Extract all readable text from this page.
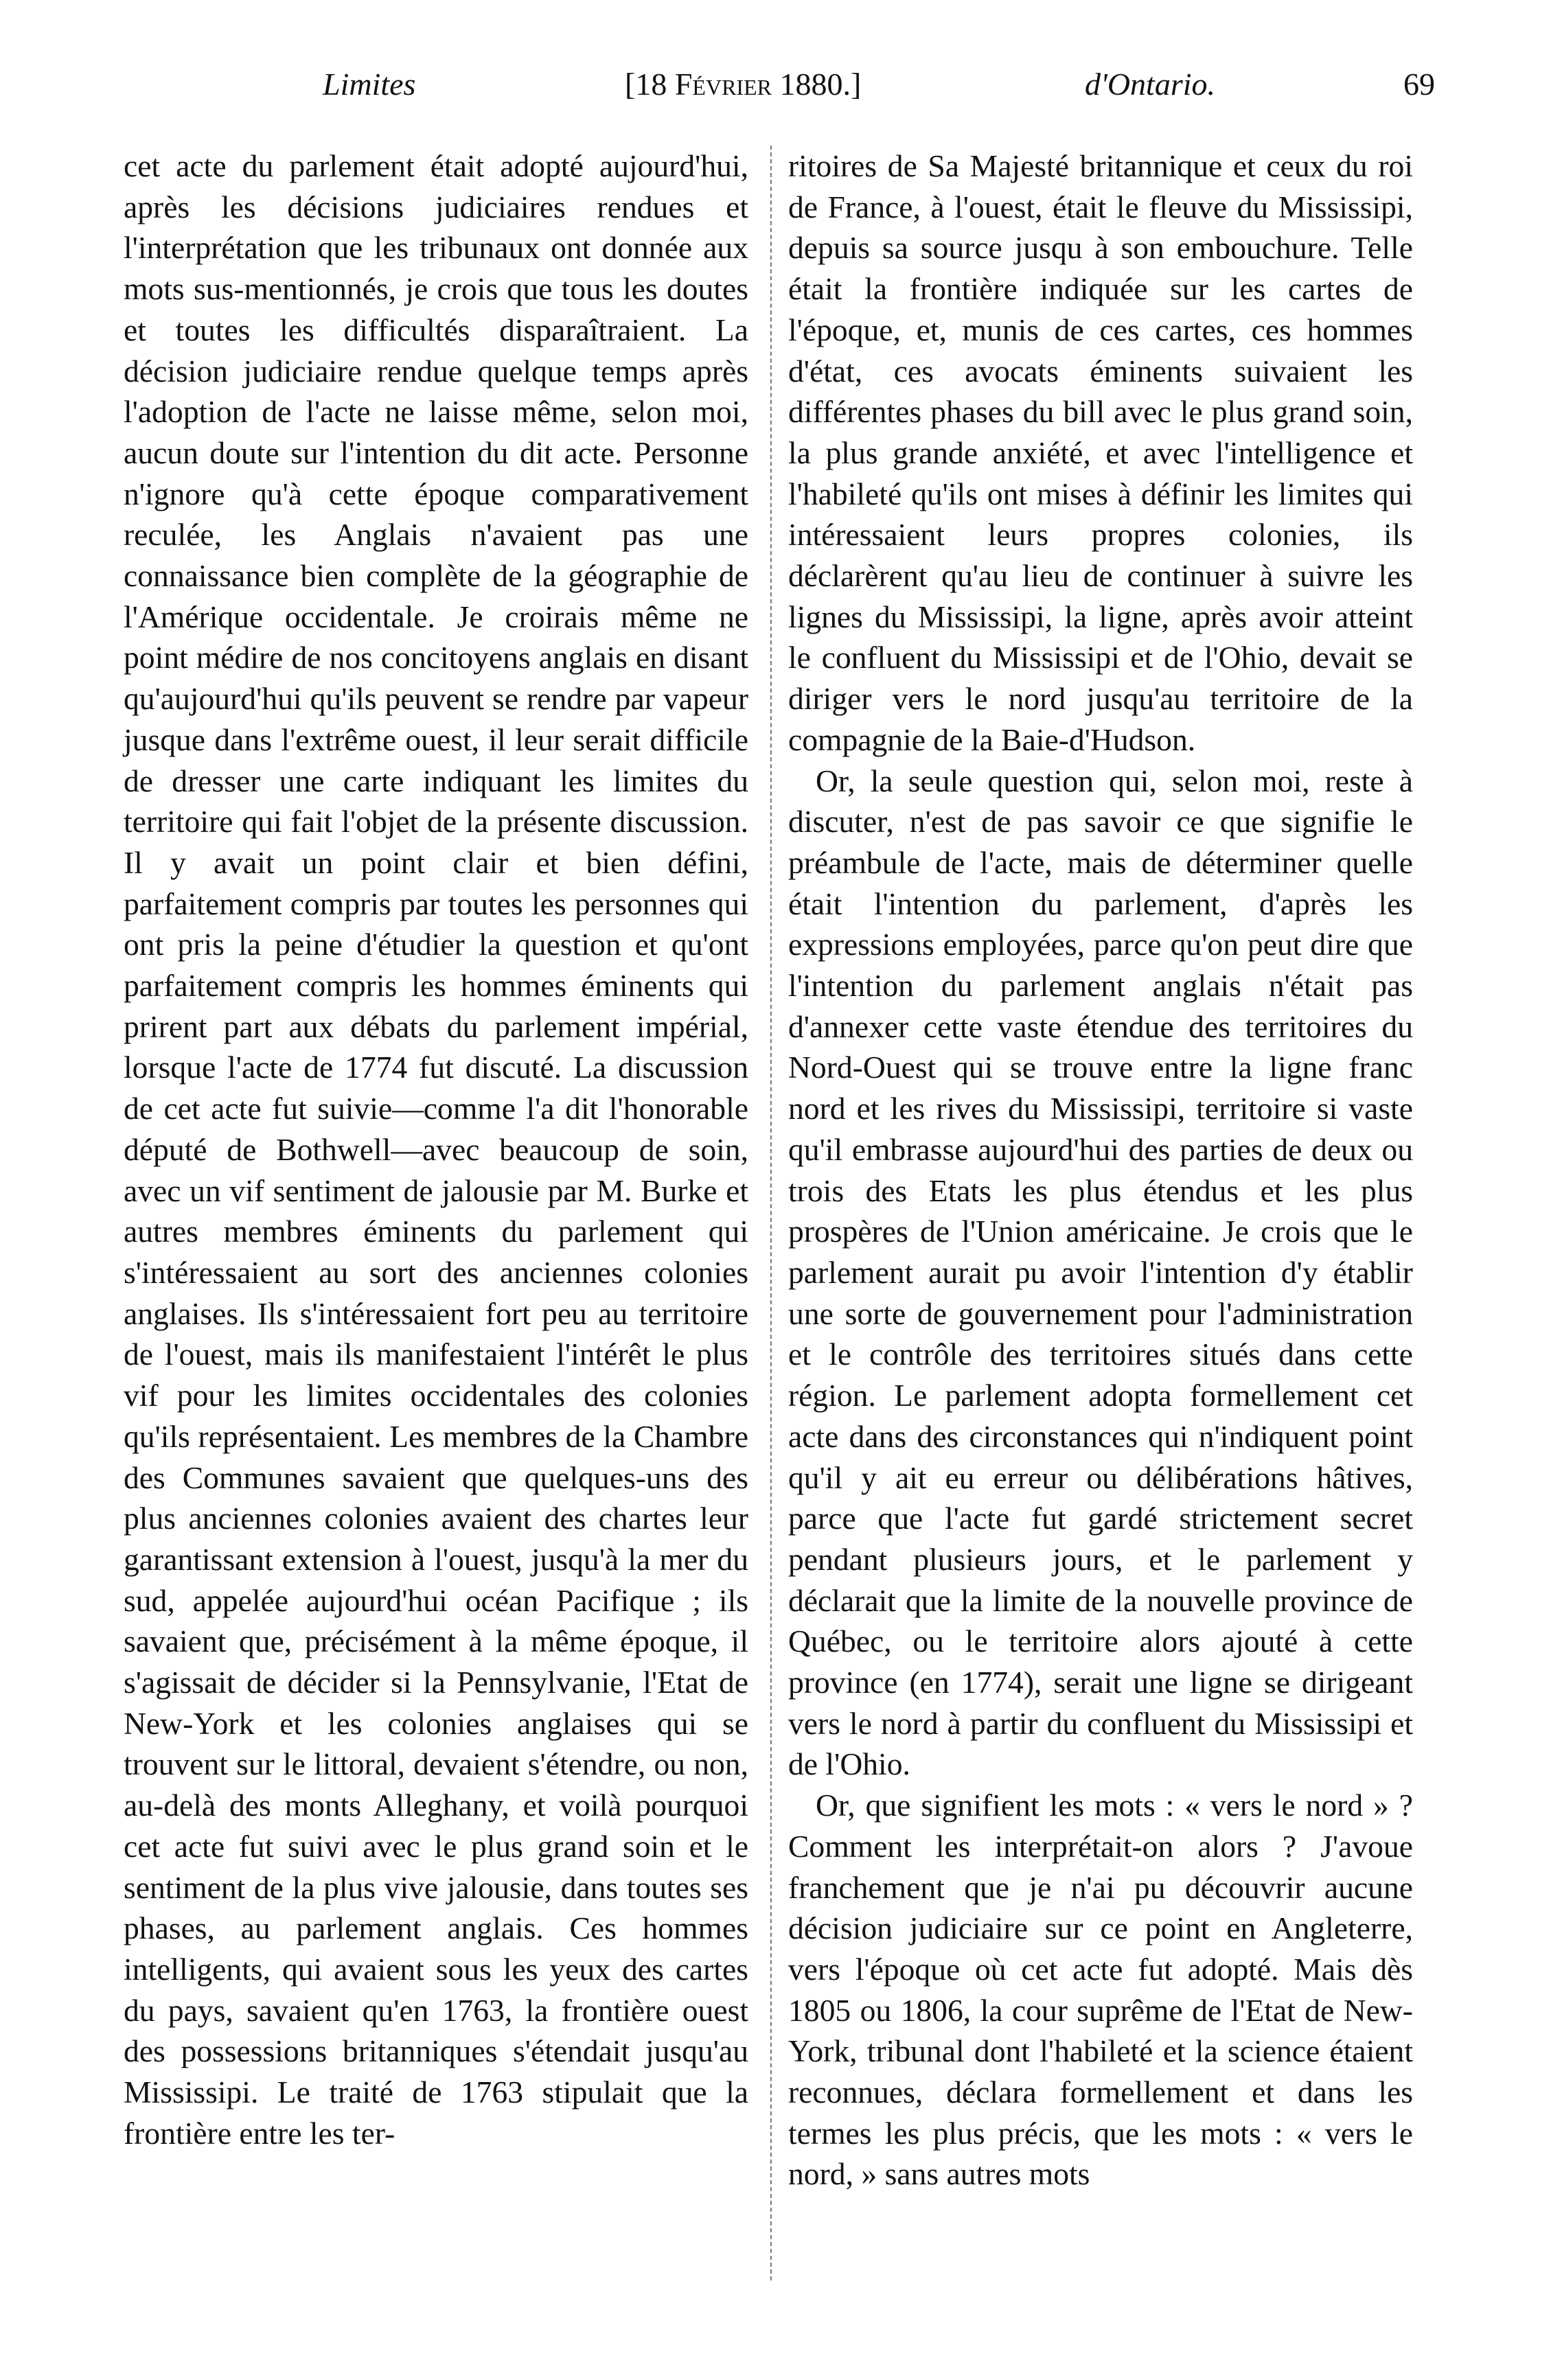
Limites	[18 Février 1880.]	d'Ontario.	69

cet acte du parlement était adopté aujourd'hui, après les décisions judiciaires rendues et l'interprétation que les tribunaux ont donnée aux mots sus-mentionnés, je crois que tous les doutes et toutes les difficultés disparaîtraient. La décision judiciaire rendue quelque temps après l'adoption de l'acte ne laisse même, selon moi, aucun doute sur l'intention du dit acte. Personne n'ignore qu'à cette époque comparativement reculée, les Anglais n'avaient pas une connaissance bien complète de la géographie de l'Amérique occidentale. Je croirais même ne point médire de nos concitoyens anglais en disant qu'aujourd'hui qu'ils peuvent se rendre par vapeur jusque dans l'extrême ouest, il leur serait difficile de dresser une carte indiquant les limites du territoire qui fait l'objet de la présente discussion. Il y avait un point clair et bien défini, parfaitement compris par toutes les personnes qui ont pris la peine d'étudier la question et qu'ont parfaitement compris les hommes éminents qui prirent part aux débats du parlement impérial, lorsque l'acte de 1774 fut discuté. La discussion de cet acte fut suivie—comme l'a dit l'honorable député de Bothwell—avec beaucoup de soin, avec un vif sentiment de jalousie par M. Burke et autres membres éminents du parlement qui s'intéressaient au sort des anciennes colonies anglaises. Ils s'intéressaient fort peu au territoire de l'ouest, mais ils manifestaient l'intérêt le plus vif pour les limites occidentales des colonies qu'ils représentaient. Les membres de la Chambre des Communes savaient que quelques-uns des plus anciennes colonies avaient des chartes leur garantissant extension à l'ouest, jusqu'à la mer du sud, appelée aujourd'hui océan Pacifique ; ils savaient que, précisément à la même époque, il s'agissait de décider si la Pennsylvanie, l'Etat de New-York et les colonies anglaises qui se trouvent sur le littoral, devaient s'étendre, ou non, au-delà des monts Alleghany, et voilà pourquoi cet acte fut suivi avec le plus grand soin et le sentiment de la plus vive jalousie, dans toutes ses phases, au parlement anglais. Ces hommes intelligents, qui avaient sous les yeux des cartes du pays, savaient qu'en 1763, la frontière ouest des possessions britanniques s'étendait jusqu'au Mississipi. Le traité de 1763 stipulait que la frontière entre les ter-

ritoires de Sa Majesté britannique et ceux du roi de France, à l'ouest, était le fleuve du Mississipi, depuis sa source jusqu à son embouchure. Telle était la frontière indiquée sur les cartes de l'époque, et, munis de ces cartes, ces hommes d'état, ces avocats éminents suivaient les différentes phases du bill avec le plus grand soin, la plus grande anxiété, et avec l'intelligence et l'habileté qu'ils ont mises à définir les limites qui intéressaient leurs propres colonies, ils déclarèrent qu'au lieu de continuer à suivre les lignes du Mississipi, la ligne, après avoir atteint le confluent du Mississipi et de l'Ohio, devait se diriger vers le nord jusqu'au territoire de la compagnie de la Baie-d'Hudson.

Or, la seule question qui, selon moi, reste à discuter, n'est de pas savoir ce que signifie le préambule de l'acte, mais de déterminer quelle était l'intention du parlement, d'après les expressions employées, parce qu'on peut dire que l'intention du parlement anglais n'était pas d'annexer cette vaste étendue des territoires du Nord-Ouest qui se trouve entre la ligne franc nord et les rives du Mississipi, territoire si vaste qu'il embrasse aujourd'hui des parties de deux ou trois des Etats les plus étendus et les plus prospères de l'Union américaine. Je crois que le parlement aurait pu avoir l'intention d'y établir une sorte de gouvernement pour l'administration et le contrôle des territoires situés dans cette région. Le parlement adopta formellement cet acte dans des circonstances qui n'indiquent point qu'il y ait eu erreur ou délibérations hâtives, parce que l'acte fut gardé strictement secret pendant plusieurs jours, et le parlement y déclarait que la limite de la nouvelle province de Québec, ou le territoire alors ajouté à cette province (en 1774), serait une ligne se dirigeant vers le nord à partir du confluent du Mississipi et de l'Ohio.

Or, que signifient les mots : « vers le nord » ? Comment les interprétait-on alors ? J'avoue franchement que je n'ai pu découvrir aucune décision judiciaire sur ce point en Angleterre, vers l'époque où cet acte fut adopté. Mais dès 1805 ou 1806, la cour suprême de l'Etat de New-York, tribunal dont l'habileté et la science étaient reconnues, déclara formellement et dans les termes les plus précis, que les mots : « vers le nord, » sans autres mots
